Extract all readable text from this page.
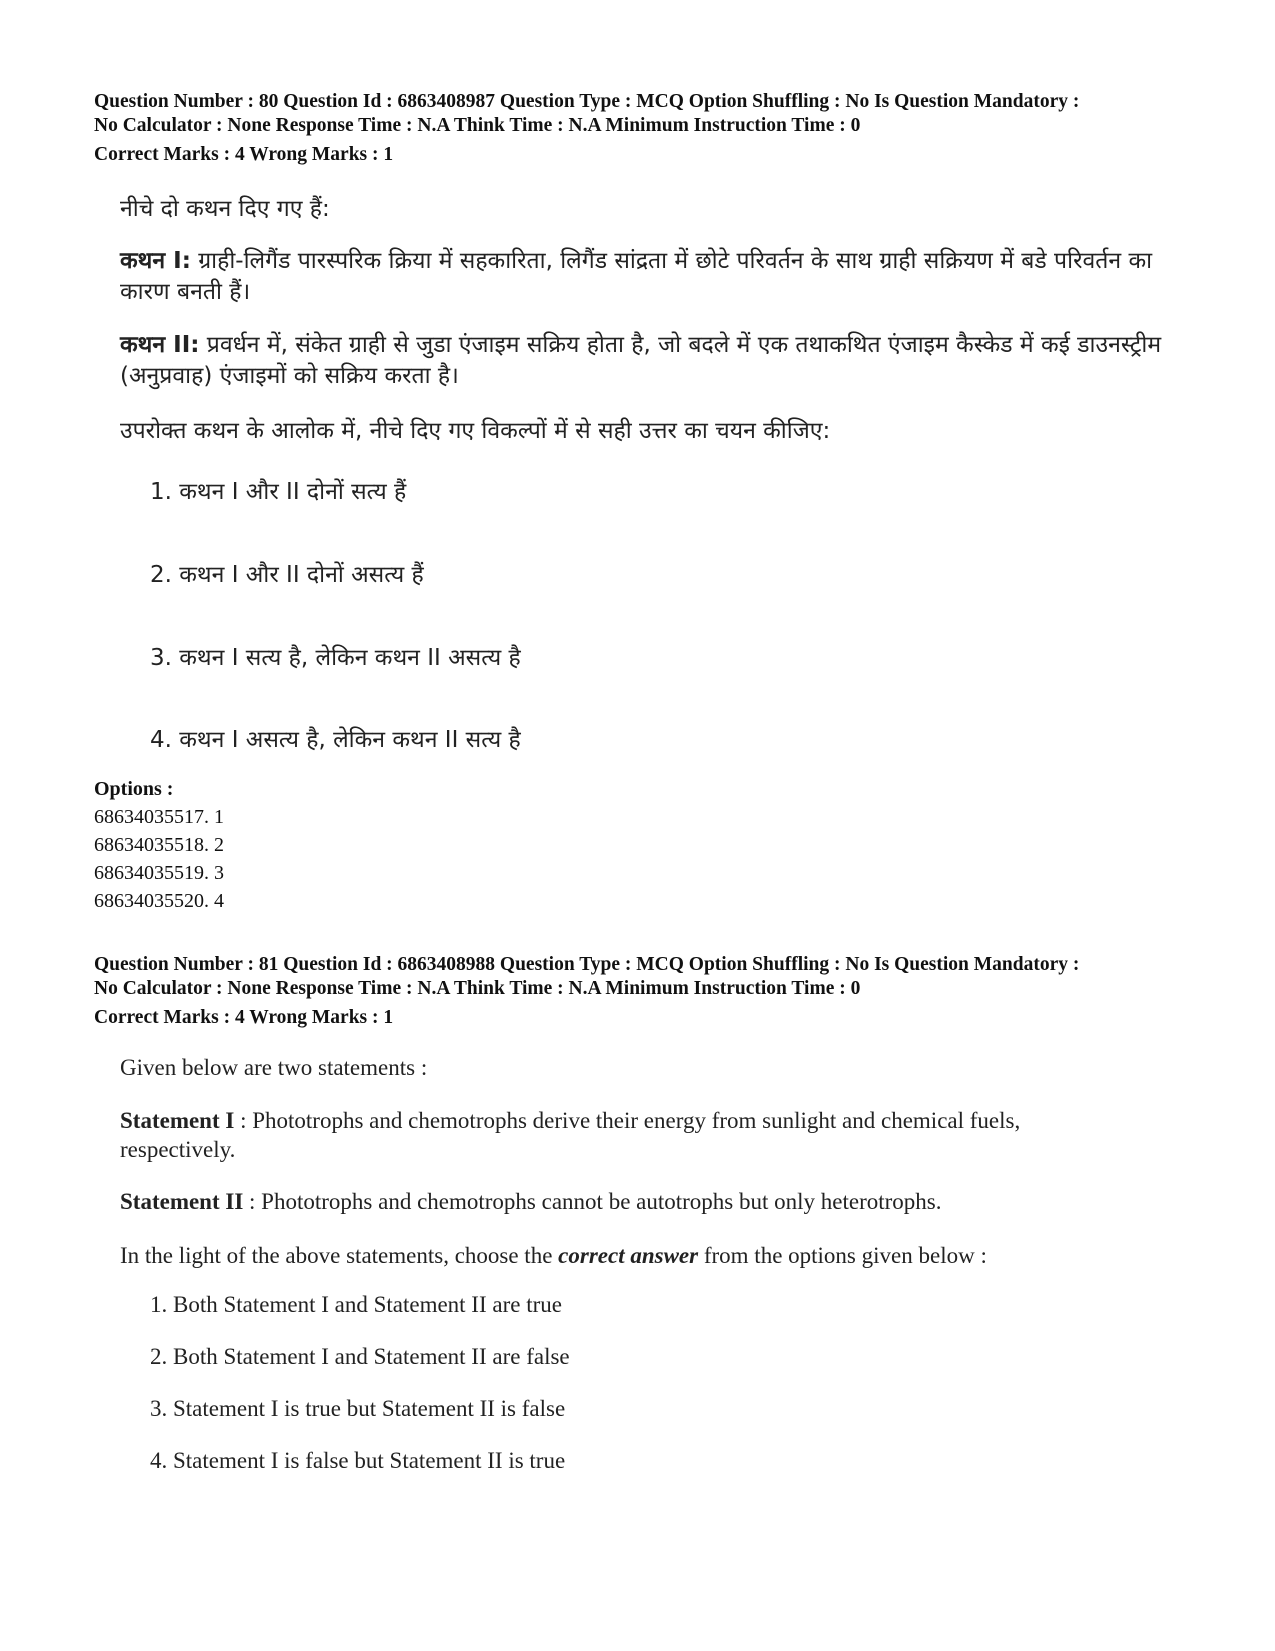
Question Number : 80 Question Id : 6863408987 Question Type : MCQ Option Shuffling : No Is Question Mandatory :
No Calculator : None Response Time : N.A Think Time : N.A Minimum Instruction Time : 0
Correct Marks : 4 Wrong Marks : 1
नीचे दो कथन दिए गए हैं:
कथन I: ग्राही-लिगैंड पारस्परिक क्रिया में सहकारिता, लिगैंड सांद्रता में छोटे परिवर्तन के साथ ग्राही सक्रियण में बडे परिवर्तन का कारण बनती हैं।
कथन II: प्रवर्धन में, संकेत ग्राही से जुडा एंजाइम सक्रिय होता है, जो बदले में एक तथाकथित एंजाइम कैस्केड में कई डाउनस्ट्रीम (अनुप्रवाह) एंजाइमों को सक्रिय करता है।
उपरोक्त कथन के आलोक में, नीचे दिए गए विकल्पों में से सही उत्तर का चयन कीजिए:
1. कथन I और II दोनों सत्य हैं
2. कथन I और II दोनों असत्य हैं
3. कथन I सत्य है, लेकिन कथन II असत्य है
4. कथन I असत्य है, लेकिन कथन II सत्य है
Options :
68634035517. 1
68634035518. 2
68634035519. 3
68634035520. 4
Question Number : 81 Question Id : 6863408988 Question Type : MCQ Option Shuffling : No Is Question Mandatory :
No Calculator : None Response Time : N.A Think Time : N.A Minimum Instruction Time : 0
Correct Marks : 4 Wrong Marks : 1
Given below are two statements :
Statement I : Phototrophs and chemotrophs derive their energy from sunlight and chemical fuels, respectively.
Statement II : Phototrophs and chemotrophs cannot be autotrophs but only heterotrophs.
In the light of the above statements, choose the correct answer from the options given below :
1. Both Statement I and Statement II are true
2. Both Statement I and Statement II are false
3. Statement I is true but Statement II is false
4. Statement I is false but Statement II is true
